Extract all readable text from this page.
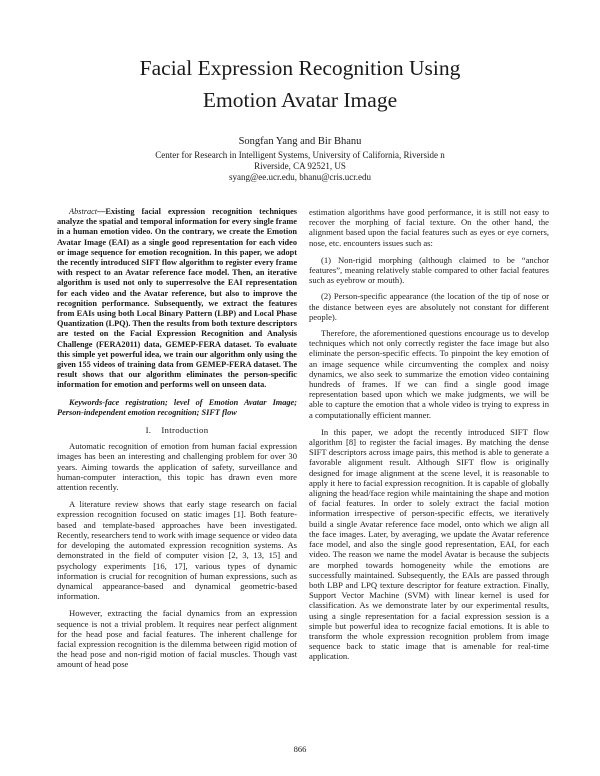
Facial Expression Recognition Using
Emotion Avatar Image
Songfan Yang and Bir Bhanu
Center for Research in Intelligent Systems, University of California, Riverside n
Riverside, CA 92521, US
syang@ee.ucr.edu, bhanu@cris.ucr.edu

Abstract—Existing facial expression recognition techniques analyze the spatial and temporal information for every single frame in a human emotion video. On the contrary, we create the Emotion Avatar Image (EAI) as a single good representation for each video or image sequence for emotion recognition. In this paper, we adopt the recently introduced SIFT flow algorithm to register every frame with respect to an Avatar reference face model. Then, an iterative algorithm is used not only to superresolve the EAI representation for each video and the Avatar reference, but also to improve the recognition performance. Subsequently, we extract the features from EAIs using both Local Binary Pattern (LBP) and Local Phase Quantization (LPQ). Then the results from both texture descriptors are tested on the Facial Expression Recognition and Analysis Challenge (FERA2011) data, GEMEP-FERA dataset. To evaluate this simple yet powerful idea, we train our algorithm only using the given 155 videos of training data from GEMEP-FERA dataset. The result shows that our algorithm eliminates the person-specific information for emotion and performs well on unseen data.

Keywords-face registration; level of Emotion Avatar Image; Person-independent emotion recognition; SIFT flow

I. Introduction

Automatic recognition of emotion from human facial expression images has been an interesting and challenging problem for over 30 years. Aiming towards the application of safety, surveillance and human-computer interaction, this topic has drawn even more attention recently.

A literature review shows that early stage research on facial expression recognition focused on static images [1]. Both feature-based and template-based approaches have been investigated. Recently, researchers tend to work with image sequence or video data for developing the automated expression recognition systems. As demonstrated in the field of computer vision [2, 3, 13, 15] and psychology experiments [16, 17], various types of dynamic information is crucial for recognition of human expressions, such as dynamical appearance-based and dynamical geometric-based information.

However, extracting the facial dynamics from an expression sequence is not a trivial problem. It requires near perfect alignment for the head pose and facial features. The inherent challenge for facial expression recognition is the dilemma between rigid motion of the head pose and non-rigid motion of facial muscles. Though vast amount of head pose

estimation algorithms have good performance, it is still not easy to recover the morphing of facial texture. On the other hand, the alignment based upon the facial features such as eyes or eye corners, nose, etc. encounters issues such as:

(1) Non-rigid morphing (although claimed to be “anchor features”, meaning relatively stable compared to other facial features such as eyebrow or mouth).

(2) Person-specific appearance (the location of the tip of nose or the distance between eyes are absolutely not constant for different people).

Therefore, the aforementioned questions encourage us to develop techniques which not only correctly register the face image but also eliminate the person-specific effects. To pinpoint the key emotion of an image sequence while circumventing the complex and noisy dynamics, we also seek to summarize the emotion video containing hundreds of frames. If we can find a single good image representation based upon which we make judgments, we will be able to capture the emotion that a whole video is trying to express in a computationally efficient manner.

In this paper, we adopt the recently introduced SIFT flow algorithm [8] to register the facial images. By matching the dense SIFT descriptors across image pairs, this method is able to generate a favorable alignment result. Although SIFT flow is originally designed for image alignment at the scene level, it is reasonable to apply it here to facial expression recognition. It is capable of globally aligning the head/face region while maintaining the shape and motion of facial features. In order to solely extract the facial motion information irrespective of person-specific effects, we iteratively build a single Avatar reference face model, onto which we align all the face images. Later, by averaging, we update the Avatar reference face model, and also the single good representation, EAI, for each video. The reason we name the model Avatar is because the subjects are morphed towards homogeneity while the emotions are successfully maintained. Subsequently, the EAIs are passed through both LBP and LPQ texture descriptor for feature extraction. Finally, Support Vector Machine (SVM) with linear kernel is used for classification. As we demonstrate later by our experimental results, using a single representation for a facial expression session is a simple but powerful idea to recognize facial emotions. It is able to transform the whole expression recognition problem from image sequence back to static image that is amenable for real-time application.

866
